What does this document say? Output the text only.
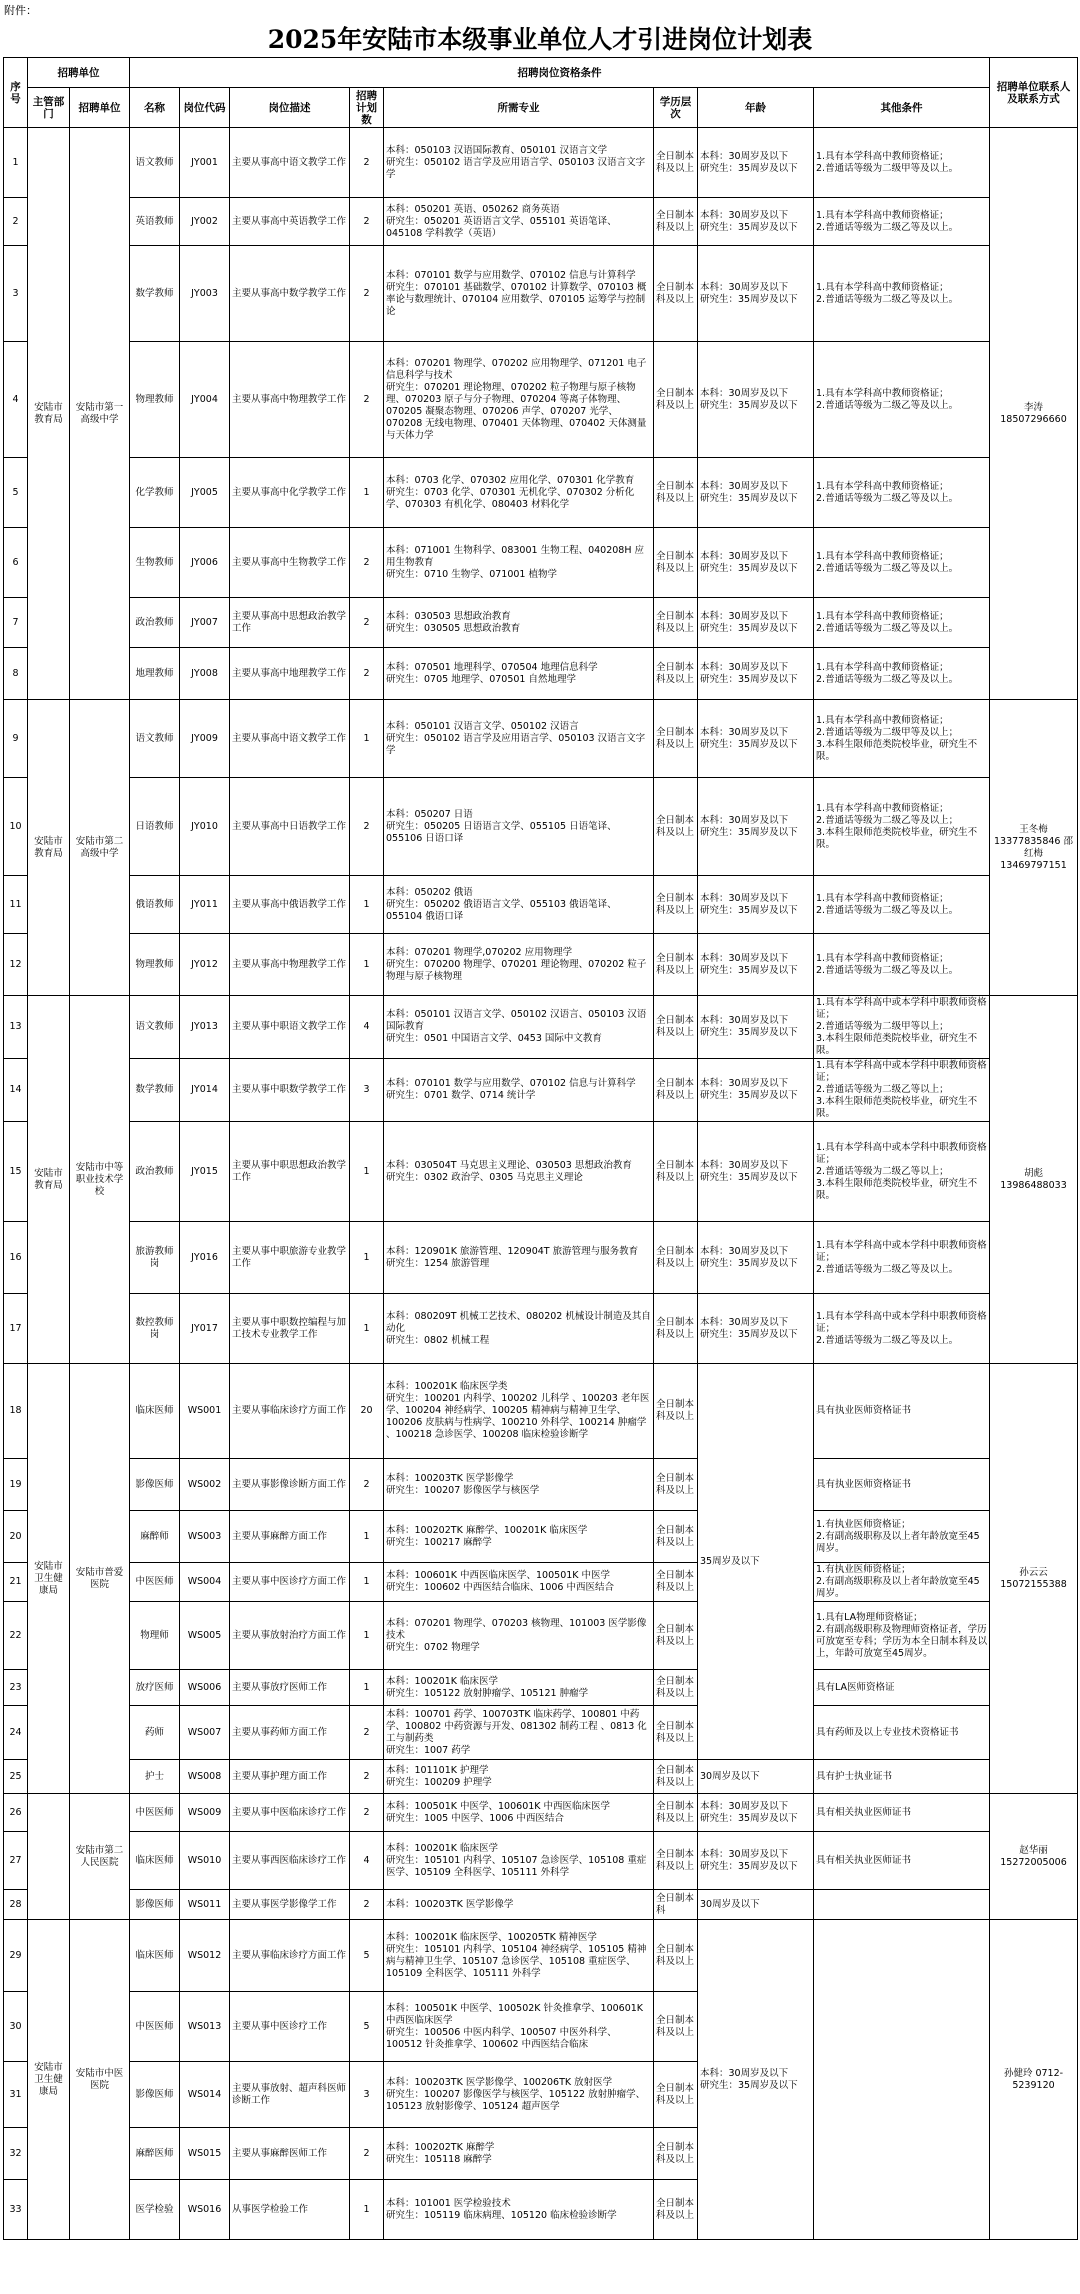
附件：
2025年安陆市本级事业单位人才引进岗位计划表
序号	招聘单位		招聘岗位资格条件								招聘单位联系人及联系方式
	主管部门	招聘单位	名称	岗位代码	岗位描述	招聘计划数	所需专业	学历层次	年龄	其他条件	
1	安陆市教育局	安陆市第一高级中学	语文教师	JY001	主要从事高中语文教学工作	2	本科：050103 汉语国际教育、050101 汉语言文学
研究生：050102 语言学及应用语言学、050103 汉语言文字学	全日制本科及以上	本科：30周岁及以下
研究生：35周岁及以下	1.具有本学科高中教师资格证；
2.普通话等级为二级甲等及以上。	李涛 18507296660
2			英语教师	JY002	主要从事高中英语教学工作	2	本科：050201 英语、050262 商务英语
研究生：050201 英语语言文学、055101 英语笔译、045108 学科教学（英语）	全日制本科及以上	本科：30周岁及以下
研究生：35周岁及以下	1.具有本学科高中教师资格证；
2.普通话等级为二级乙等及以上。	
3			数学教师	JY003	主要从事高中数学教学工作	2	本科：070101 数学与应用数学、070102 信息与计算科学
研究生：070101 基础数学、070102 计算数学、070103 概率论与数理统计、070104 应用数学、070105 运筹学与控制论	全日制本科及以上	本科：30周岁及以下
研究生：35周岁及以下	1.具有本学科高中教师资格证；
2.普通话等级为二级乙等及以上。	
4			物理教师	JY004	主要从事高中物理教学工作	2	本科：070201 物理学、070202 应用物理学、071201 电子信息科学与技术
研究生：070201 理论物理、070202 粒子物理与原子核物理、070203 原子与分子物理、070204 等离子体物理、070205 凝聚态物理、070206 声学、070207 光学、070208 无线电物理、070401 天体物理、070402 天体测量与天体力学	全日制本科及以上	本科：30周岁及以下
研究生：35周岁及以下	1.具有本学科高中教师资格证；
2.普通话等级为二级乙等及以上。	
5			化学教师	JY005	主要从事高中化学教学工作	1	本科：0703 化学、070302 应用化学、070301 化学教育
研究生：0703 化学、070301 无机化学、070302 分析化学、070303 有机化学、080403 材料化学	全日制本科及以上	本科：30周岁及以下
研究生：35周岁及以下	1.具有本学科高中教师资格证；
2.普通话等级为二级乙等及以上。	
6			生物教师	JY006	主要从事高中生物教学工作	2	本科：071001 生物科学、083001 生物工程、040208H 应用生物教育
研究生：0710 生物学、071001 植物学	全日制本科及以上	本科：30周岁及以下
研究生：35周岁及以下	1.具有本学科高中教师资格证；
2.普通话等级为二级乙等及以上。	
7			政治教师	JY007	主要从事高中思想政治教学工作	2	本科：030503 思想政治教育
研究生：030505 思想政治教育	全日制本科及以上	本科：30周岁及以下
研究生：35周岁及以下	1.具有本学科高中教师资格证；
2.普通话等级为二级乙等及以上。	
8			地理教师	JY008	主要从事高中地理教学工作	2	本科：070501 地理科学、070504 地理信息科学
研究生：0705 地理学、070501 自然地理学	全日制本科及以上	本科：30周岁及以下
研究生：35周岁及以下	1.具有本学科高中教师资格证；
2.普通话等级为二级乙等及以上。	
9	安陆市教育局	安陆市第二高级中学	语文教师	JY009	主要从事高中语文教学工作	1	本科：050101 汉语言文学、050102 汉语言
研究生：050102 语言学及应用语言学、050103 汉语言文字学	全日制本科及以上	本科：30周岁及以下
研究生：35周岁及以下	1.具有本学科高中教师资格证；
2.普通话等级为二级甲等及以上；
3.本科生限师范类院校毕业，研究生不限。	王冬梅 13377835846 邵红梅 13469797151
10			日语教师	JY010	主要从事高中日语教学工作	2	本科：050207 日语
研究生：050205 日语语言文学、055105 日语笔译、055106 日语口译	全日制本科及以上	本科：30周岁及以下
研究生：35周岁及以下	1.具有本学科高中教师资格证；
2.普通话等级为二级乙等及以上；
3.本科生限师范类院校毕业，研究生不限。	
11			俄语教师	JY011	主要从事高中俄语教学工作	1	本科：050202 俄语
研究生：050202 俄语语言文学、055103 俄语笔译、055104 俄语口译	全日制本科及以上	本科：30周岁及以下
研究生：35周岁及以下	1.具有本学科高中教师资格证；
2.普通话等级为二级乙等及以上。	
12			物理教师	JY012	主要从事高中物理教学工作	1	本科：070201 物理学,070202 应用物理学
研究生：070200 物理学、070201 理论物理、070202 粒子物理与原子核物理	全日制本科及以上	本科：30周岁及以下
研究生：35周岁及以下	1.具有本学科高中教师资格证；
2.普通话等级为二级乙等及以上。	
13	安陆市教育局	安陆市中等职业技术学校	语文教师	JY013	主要从事中职语文教学工作	4	本科：050101 汉语言文学、050102 汉语言、050103 汉语国际教育
研究生：0501 中国语言文学、0453 国际中文教育	全日制本科及以上	本科：30周岁及以下
研究生：35周岁及以下	1.具有本学科高中或本学科中职教师资格证；
2.普通话等级为二级甲等以上；
3.本科生限师范类院校毕业，研究生不限。	胡彪 13986488033
14			数学教师	JY014	主要从事中职数学教学工作	3	本科：070101 数学与应用数学、070102 信息与计算科学
研究生：0701 数学、0714 统计学	全日制本科及以上	本科：30周岁及以下
研究生：35周岁及以下	1.具有本学科高中或本学科中职教师资格证；
2.普通话等级为二级乙等以上；
3.本科生限师范类院校毕业，研究生不限。	
15			政治教师	JY015	主要从事中职思想政治教学工作	1	本科：030504T 马克思主义理论、030503 思想政治教育
研究生：0302 政治学、0305 马克思主义理论	全日制本科及以上	本科：30周岁及以下
研究生：35周岁及以下	1.具有本学科高中或本学科中职教师资格证；
2.普通话等级为二级乙等以上；
3.本科生限师范类院校毕业，研究生不限。	
16			旅游教师岗	JY016	主要从事中职旅游专业教学工作	1	本科：120901K 旅游管理、120904T 旅游管理与服务教育
研究生：1254 旅游管理	全日制本科及以上	本科：30周岁及以下
研究生：35周岁及以下	1.具有本学科高中或本学科中职教师资格证；
2.普通话等级为二级乙等及以上。	
17			数控教师岗	JY017	主要从事中职数控编程与加工技术专业教学工作	1	本科：080209T 机械工艺技术、080202 机械设计制造及其自动化
研究生：0802 机械工程	全日制本科及以上	本科：30周岁及以下
研究生：35周岁及以下	1.具有本学科高中或本学科中职教师资格证；
2.普通话等级为二级乙等及以上。	
18	安陆市卫生健康局	安陆市普爱医院	临床医师	WS001	主要从事临床诊疗方面工作	20	本科：100201K 临床医学类
研究生：100201 内科学、100202 儿科学 、100203 老年医学、100204 神经病学、100205 精神病与精神卫生学、100206 皮肤病与性病学、100210 外科学、100214 肿瘤学 、100218 急诊医学、100208 临床检验诊断学	全日制本科及以上	35周岁及以下	具有执业医师资格证书	孙云云 15072155388
19			影像医师	WS002	主要从事影像诊断方面工作	2	本科：100203TK 医学影像学
研究生：100207 影像医学与核医学	全日制本科及以上		具有执业医师资格证书	
20			麻醉师	WS003	主要从事麻醉方面工作	1	本科：100202TK 麻醉学、100201K 临床医学
研究生：100217 麻醉学	全日制本科及以上		1.有执业医师资格证；
2.有副高级职称及以上者年龄放宽至45周岁。	
21			中医医师	WS004	主要从事中医诊疗方面工作	1	本科：100601K 中西医临床医学、100501K 中医学
研究生：100602 中西医结合临床、1006 中西医结合	全日制本科及以上		1.有执业医师资格证；
2.有副高级职称及以上者年龄放宽至45周岁。	
22			物理师	WS005	主要从事放射治疗方面工作	1	本科：070201 物理学、070203 核物理、101003 医学影像技术
研究生：0702 物理学	全日制本科及以上		1.具有LA物理师资格证；
2.有副高级职称及物理师资格证者，学历可放宽至专科；学历为本全日制本科及以上，年龄可放宽至45周岁。	
23			放疗医师	WS006	主要从事放疗医师工作	1	本科：100201K 临床医学
研究生：105122 放射肿瘤学、105121 肿瘤学	全日制本科及以上		具有LA医师资格证	
24			药师	WS007	主要从事药师方面工作	2	本科：100701 药学、100703TK 临床药学、100801 中药学、100802 中药资源与开发、081302 制药工程 、0813 化工与制药类
研究生：1007 药学	全日制本科及以上		具有药师及以上专业技术资格证书	
25			护士	WS008	主要从事护理方面工作	2	本科：101101K 护理学
研究生：100209 护理学	全日制本科及以上	30周岁及以下	具有护士执业证书	
26		安陆市第二人民医院	中医医师	WS009	主要从事中医临床诊疗工作	2	本科：100501K 中医学、100601K 中西医临床医学
研究生：1005 中医学、1006 中西医结合	全日制本科及以上	本科：30周岁及以下
研究生：35周岁及以下	具有相关执业医师证书	赵华丽 15272005006
27			临床医师	WS010	主要从事西医临床诊疗工作	4	本科：100201K 临床医学
研究生：105101 内科学、105107 急诊医学、105108 重症医学、105109 全科医学、105111 外科学	全日制本科及以上	本科：30周岁及以下
研究生：35周岁及以下	具有相关执业医师证书	
28			影像医师	WS011	主要从事医学影像学工作	2	本科：100203TK 医学影像学	全日制本科	30周岁及以下		
29	安陆市卫生健康局	安陆市中医医院	临床医师	WS012	主要从事临床诊疗方面工作	5	本科：100201K 临床医学、100205TK 精神医学
研究生：105101 内科学、105104 神经病学、105105 精神病与精神卫生学、105107 急诊医学、105108 重症医学、105109 全科医学、105111 外科学	全日制本科及以上	本科：30周岁及以下
研究生：35周岁及以下		孙健玲 0712-5239120
30			中医医师	WS013	主要从事中医诊疗工作	5	本科：100501K 中医学、100502K 针灸推拿学、100601K 中西医临床医学
研究生：100506 中医内科学、100507 中医外科学、100512 针灸推拿学、100602 中西医结合临床	全日制本科及以上			
31			影像医师	WS014	主要从事放射、超声科医师诊断工作	3	本科：100203TK 医学影像学、100206TK 放射医学
研究生：100207 影像医学与核医学、105122 放射肿瘤学、105123 放射影像学、105124 超声医学	全日制本科及以上			
32			麻醉医师	WS015	主要从事麻醉医师工作	2	本科：100202TK 麻醉学
研究生：105118 麻醉学	全日制本科及以上			
33			医学检验	WS016	从事医学检验工作	1	本科：101001 医学检验技术
研究生：105119 临床病理、105120 临床检验诊断学	全日制本科及以上			
